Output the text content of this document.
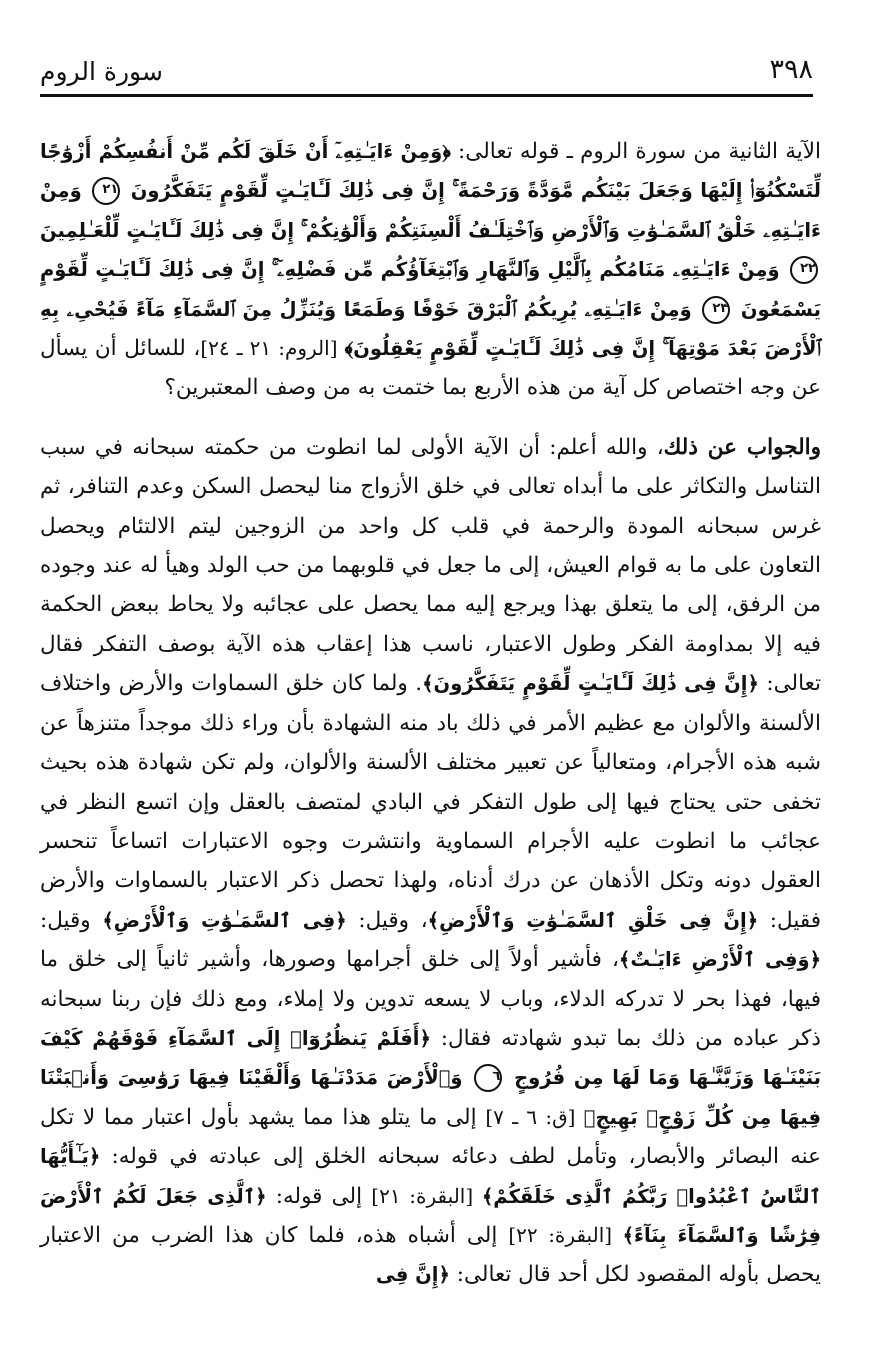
٣٩٨
سورة الروم

الآية الثانية من سورة الروم ـ قوله تعالى: ﴿وَمِنْ ءَايَـٰتِهِۦٓ أَنْ خَلَقَ لَكُم مِّنْ أَنفُسِكُمْ أَزْوَٰجًا لِّتَسْكُنُوٓا۟ إِلَيْهَا وَجَعَلَ بَيْنَكُم مَّوَدَّةً وَرَحْمَةً ۚ إِنَّ فِى ذَٰلِكَ لَـَٔايَـٰتٍ لِّقَوْمٍ يَتَفَكَّرُونَ ٢١ وَمِنْ ءَايَـٰتِهِۦ خَلْقُ ٱلسَّمَـٰوَٰتِ وَٱلْأَرْضِ وَٱخْتِلَـٰفُ أَلْسِنَتِكُمْ وَأَلْوَٰنِكُمْ ۚ إِنَّ فِى ذَٰلِكَ لَـَٔايَـٰتٍ لِّلْعَـٰلِمِينَ ٢٢ وَمِنْ ءَايَـٰتِهِۦ مَنَامُكُم بِٱلَّيْلِ وَٱلنَّهَارِ وَٱبْتِغَآؤُكُم مِّن فَضْلِهِۦٓ ۚ إِنَّ فِى ذَٰلِكَ لَـَٔايَـٰتٍ لِّقَوْمٍ يَسْمَعُونَ ٢٣ وَمِنْ ءَايَـٰتِهِۦ يُرِيكُمُ ٱلْبَرْقَ خَوْفًا وَطَمَعًا وَيُنَزِّلُ مِنَ ٱلسَّمَآءِ مَآءً فَيُحْىِۦ بِهِ ٱلْأَرْضَ بَعْدَ مَوْتِهَآ ۚ إِنَّ فِى ذَٰلِكَ لَـَٔايَـٰتٍ لِّقَوْمٍ يَعْقِلُونَ﴾ [الروم: ٢١ ـ ٢٤]، للسائل أن يسأل عن وجه اختصاص كل آية من هذه الأربع بما ختمت به من وصف المعتبرين؟

والجواب عن ذلك، والله أعلم: أن الآية الأولى لما انطوت من حكمته سبحانه في سبب التناسل والتكاثر على ما أبداه تعالى في خلق الأزواج منا ليحصل السكن وعدم التنافر، ثم غرس سبحانه المودة والرحمة في قلب كل واحد من الزوجين ليتم الالتئام ويحصل التعاون على ما به قوام العيش، إلى ما جعل في قلوبهما من حب الولد وهيأ له عند وجوده من الرفق، إلى ما يتعلق بهذا ويرجع إليه مما يحصل على عجائبه ولا يحاط ببعض الحكمة فيه إلا بمداومة الفكر وطول الاعتبار، ناسب هذا إعقاب هذه الآية بوصف التفكر فقال تعالى: ﴿إِنَّ فِى ذَٰلِكَ لَـَٔايَـٰتٍ لِّقَوْمٍ يَتَفَكَّرُونَ﴾. ولما كان خلق السماوات والأرض واختلاف الألسنة والألوان مع عظيم الأمر في ذلك باد منه الشهادة بأن وراء ذلك موجداً متنزهاً عن شبه هذه الأجرام، ومتعالياً عن تعبير مختلف الألسنة والألوان، ولم تكن شهادة هذه بحيث تخفى حتى يحتاج فيها إلى طول التفكر في البادي لمتصف بالعقل وإن اتسع النظر في عجائب ما انطوت عليه الأجرام السماوية وانتشرت وجوه الاعتبارات اتساعاً تنحسر العقول دونه وتكل الأذهان عن درك أدناه، ولهذا تحصل ذكر الاعتبار بالسماوات والأرض فقيل: ﴿إِنَّ فِى خَلْقِ ٱلسَّمَـٰوَٰتِ وَٱلْأَرْضِ﴾، وقيل: ﴿فِى ٱلسَّمَـٰوَٰتِ وَٱلْأَرْضِ﴾ وقيل: ﴿وَفِى ٱلْأَرْضِ ءَايَـٰتٌ﴾، فأشير أولاً إلى خلق أجرامها وصورها، وأشير ثانياً إلى خلق ما فيها، فهذا بحر لا تدركه الدلاء، وباب لا يسعه تدوين ولا إملاء، ومع ذلك فإن ربنا سبحانه ذكر عباده من ذلك بما تبدو شهادته فقال: ﴿أَفَلَمْ يَنظُرُوٓا۟ إِلَى ٱلسَّمَآءِ فَوْقَهُمْ كَيْفَ بَنَيْنَـٰهَا وَزَيَّنَّـٰهَا وَمَا لَهَا مِن فُرُوجٍ ٦ وَٱلْأَرْضَ مَدَدْنَـٰهَا وَأَلْقَيْنَا فِيهَا رَوَٰسِىَ وَأَنۢبَتْنَا فِيهَا مِن كُلِّ زَوْجٍۭ بَهِيجٍ﴾ [ق: ٦ ـ ٧] إلى ما يتلو هذا مما يشهد بأول اعتبار مما لا تكل عنه البصائر والأبصار، وتأمل لطف دعائه سبحانه الخلق إلى عبادته في قوله: ﴿يَـٰٓأَيُّهَا ٱلنَّاسُ ٱعْبُدُوا۟ رَبَّكُمُ ٱلَّذِى خَلَقَكُمْ﴾ [البقرة: ٢١] إلى قوله: ﴿ٱلَّذِى جَعَلَ لَكُمُ ٱلْأَرْضَ فِرَٰشًا وَٱلسَّمَآءَ بِنَآءً﴾ [البقرة: ٢٢] إلى أشباه هذه، فلما كان هذا الضرب من الاعتبار يحصل بأوله المقصود لكل أحد قال تعالى: ﴿إِنَّ فِى
